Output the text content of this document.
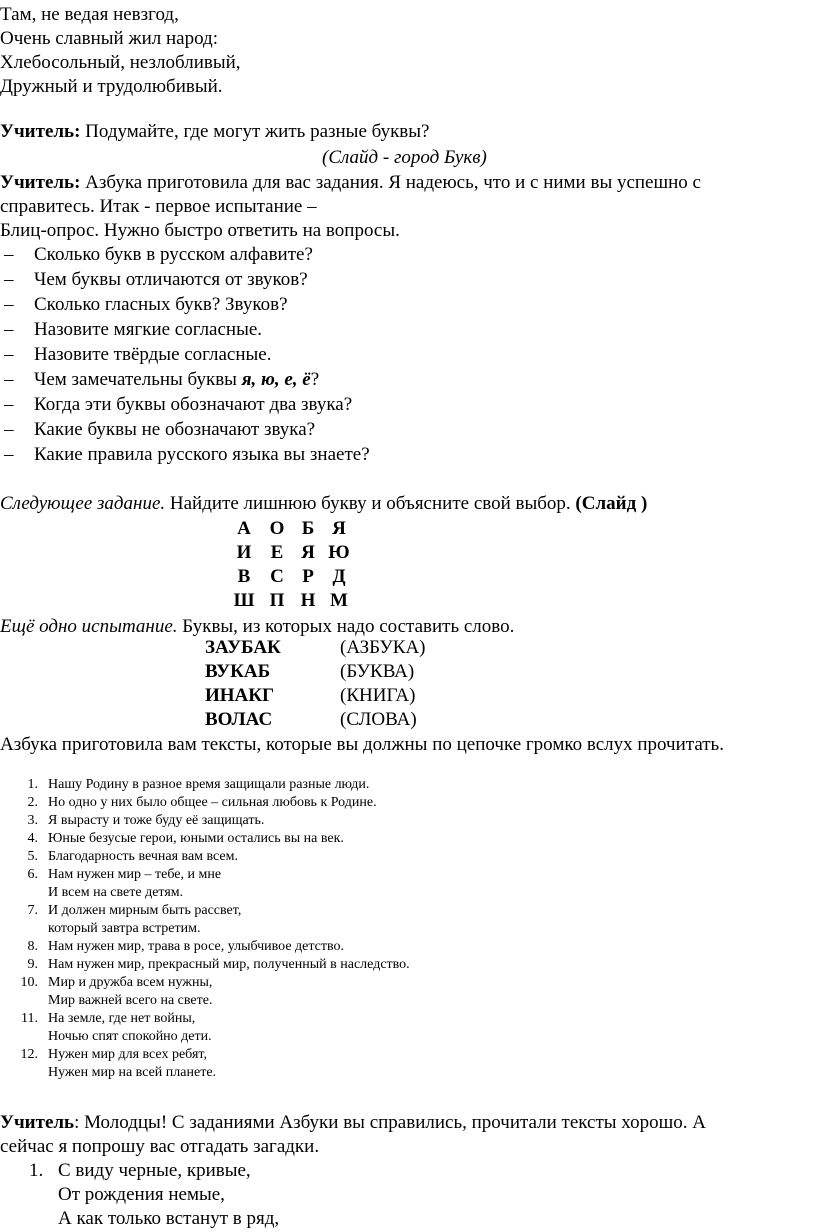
Там, не ведая невзгод,
Очень славный жил народ:
Хлебосольный, незлобливый,
Дружный и трудолюбивый.
Учитель: Подумайте, где могут жить разные буквы?
(Слайд - город Букв)
Учитель: Азбука приготовила для вас задания. Я надеюсь, что и с ними вы успешно с
справитесь. Итак - первое испытание –
Блиц-опрос. Нужно быстро ответить на вопросы.
– Сколько букв в русском алфавите?
– Чем буквы отличаются от звуков?
– Сколько гласных букв? Звуков?
– Назовите мягкие согласные.
– Назовите твёрдые согласные.
– Чем замечательны буквы я, ю, е, ё?
– Когда эти буквы обозначают два звука?
– Какие буквы не обозначают звука?
– Какие правила русского языка вы знаете?
Следующее задание. Найдите лишнюю букву и объясните свой выбор. (Слайд )
А О Б Я
И Е Я Ю
В С Р Д
Ш П Н М
Ещё одно испытание. Буквы, из которых надо составить слово.
ЗАУБАК	(АЗБУКА)
ВУКАБ	(БУКВА)
ИНАКГ	(КНИГА)
ВОЛАС	(СЛОВА)
Азбука приготовила вам тексты, которые вы должны по цепочке громко вслух прочитать.
1. Нашу Родину в разное время защищали разные люди.
2. Но одно у них было общее – сильная любовь к Родине.
3. Я вырасту и тоже буду её защищать.
4. Юные безусые герои, юными остались вы на век.
5. Благодарность вечная вам всем.
6. Нам нужен мир – тебе, и мне
И всем на свете детям.
7. И должен мирным быть рассвет,
который завтра встретим.
8. Нам нужен мир, трава в росе, улыбчивое детство.
9. Нам нужен мир, прекрасный мир, полученный в наследство.
10. Мир и дружба всем нужны,
Мир важней всего на свете.
11. На земле, где нет войны,
Ночью спят спокойно дети.
12. Нужен мир для всех ребят,
Нужен мир на всей планете.
Учитель: Молодцы! С заданиями Азбуки вы справились, прочитали тексты хорошо. А
сейчас я попрошу вас отгадать загадки.
1. С виду черные, кривые,
От рождения немые,
А как только встанут в ряд,
